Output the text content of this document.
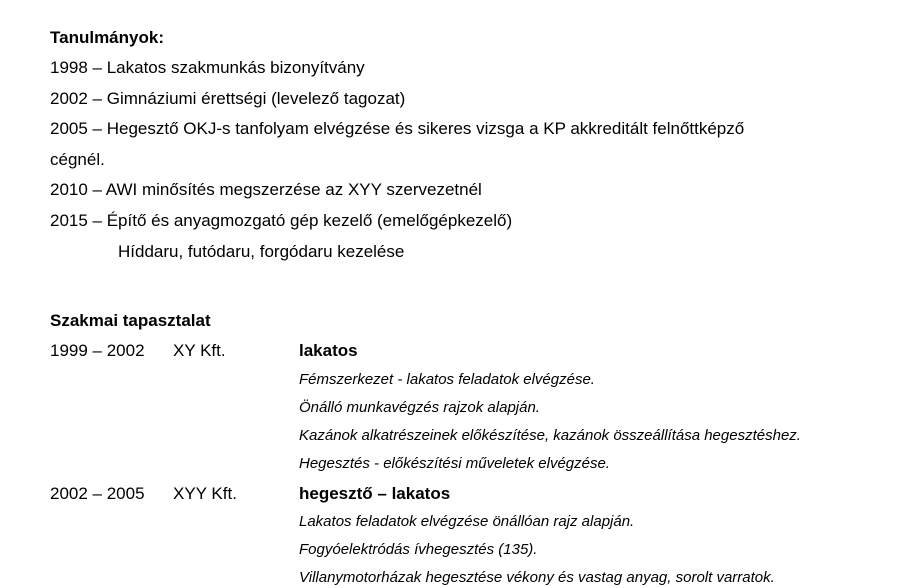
Tanulmányok:
1998 – Lakatos szakmunkás bizonyítvány
2002 – Gimnáziumi érettségi (levelező tagozat)
2005 – Hegesztő OKJ-s tanfolyam elvégzése és sikeres vizsga a KP akkreditált felnőttképző
cégnél.
2010 – AWI minősítés megszerzése az XYY szervezetnél
2015 – Építő és anyagmozgató gép kezelő (emelőgépkezelő)
Híddaru, futódaru, forgódaru kezelése
Szakmai tapasztalat
1999 – 2002 XY Kft.	lakatos
Fémszerkezet - lakatos feladatok elvégzése.
Önálló munkavégzés rajzok alapján.
Kazánok alkatrészeinek előkészítése, kazánok összeállítása hegesztéshez.
Hegesztés - előkészítési műveletek elvégzése.
2002 – 2005 XYY Kft.	hegesztő – lakatos
Lakatos feladatok elvégzése önállóan rajz alapján.
Fogyóelektródás ívhegesztés (135).
Villanymotorházak hegesztése vékony és vastag anyag, sorolt varratok.
